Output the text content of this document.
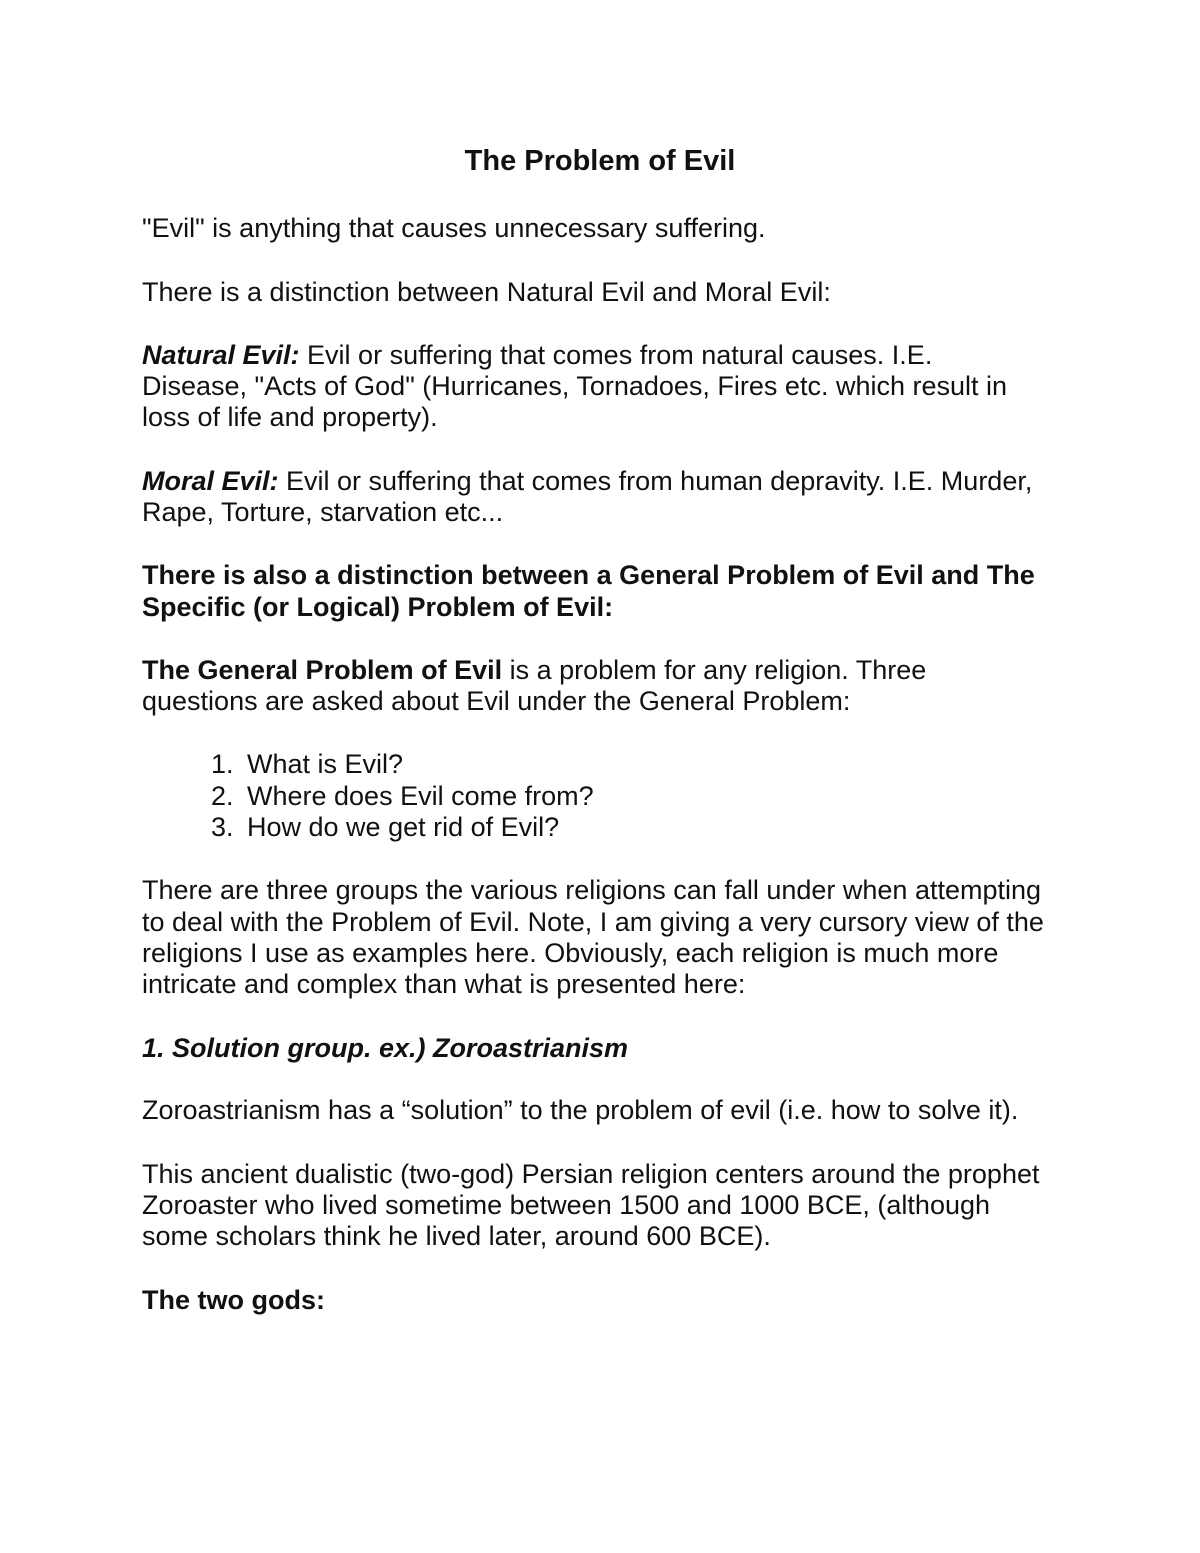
The Problem of Evil
"Evil" is anything that causes unnecessary suffering.
There is a distinction between Natural Evil and Moral Evil:
Natural Evil: Evil or suffering that comes from natural causes. I.E.
Disease, "Acts of God" (Hurricanes, Tornadoes, Fires etc. which result in
loss of life and property).
Moral Evil: Evil or suffering that comes from human depravity. I.E. Murder,
Rape, Torture, starvation etc...
There is also a distinction between a General Problem of Evil and The
Specific (or Logical) Problem of Evil:
The General Problem of Evil is a problem for any religion. Three
questions are asked about Evil under the General Problem:
1. What is Evil?
2. Where does Evil come from?
3. How do we get rid of Evil?
There are three groups the various religions can fall under when attempting
to deal with the Problem of Evil. Note, I am giving a very cursory view of the
religions I use as examples here. Obviously, each religion is much more
intricate and complex than what is presented here:
1. Solution group. ex.) Zoroastrianism
Zoroastrianism has a “solution” to the problem of evil (i.e. how to solve it).
This ancient dualistic (two-god) Persian religion centers around the prophet
Zoroaster who lived sometime between 1500 and 1000 BCE, (although
some scholars think he lived later, around 600 BCE).
The two gods:
